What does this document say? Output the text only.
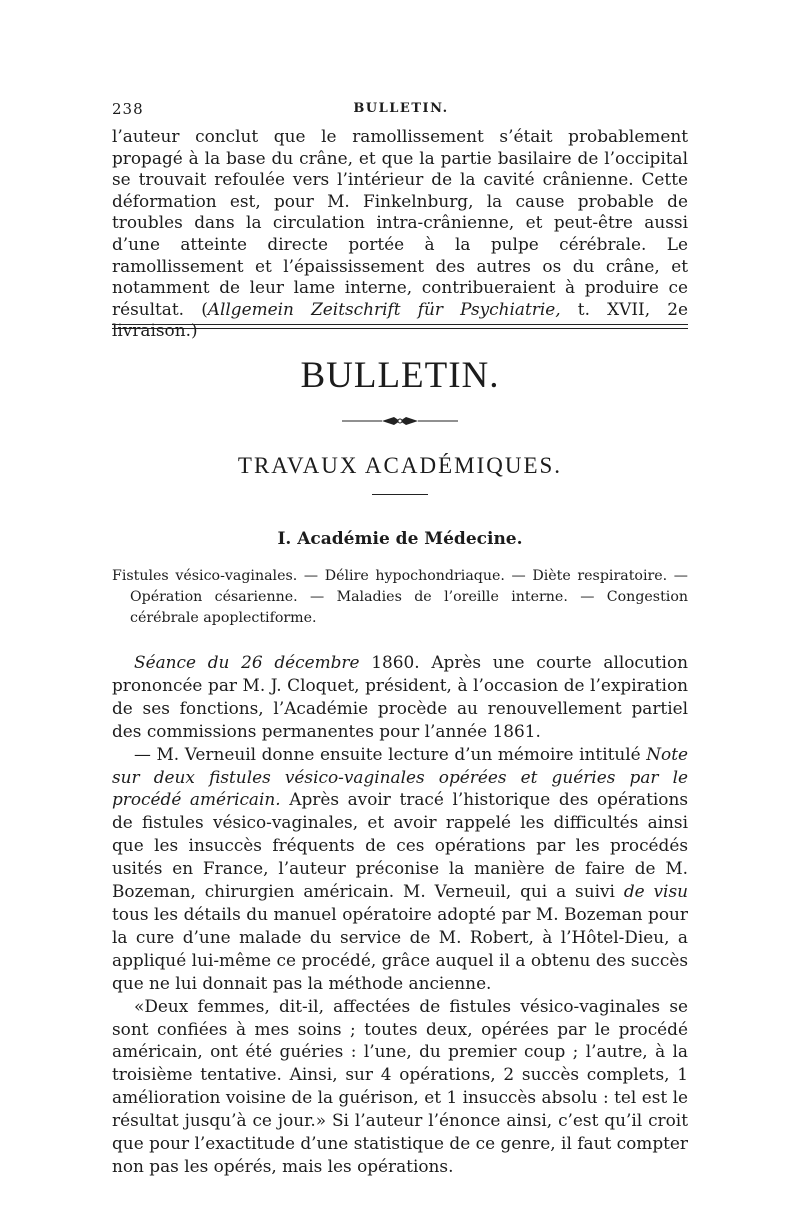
238	BULLETIN.
l’auteur conclut que le ramollissement s’était probablement propagé à la base du crâne, et que la partie basilaire de l’occipital se trouvait refoulée vers l’intérieur de la cavité crânienne. Cette déformation est, pour M. Finkelnburg, la cause probable de troubles dans la circulation intra-crânienne, et peut-être aussi d’une atteinte directe portée à la pulpe cérébrale. Le ramollissement et l’épaississement des autres os du crâne, et notamment de leur lame interne, contribueraient à produire ce résultat. (Allgemein Zeitschrift für Psychiatrie, t. XVII, 2e livraison.)
BULLETIN.
TRAVAUX ACADÉMIQUES.
I. Académie de Médecine.
Fistules vésico-vaginales. — Délire hypochondriaque. — Diète respiratoire. — Opération césarienne. — Maladies de l’oreille interne. — Congestion cérébrale apoplectiforme.

Séance du 26 décembre 1860. Après une courte allocution prononcée par M. J. Cloquet, président, à l’occasion de l’expiration de ses fonctions, l’Académie procède au renouvellement partiel des commissions permanentes pour l’année 1861.

— M. Verneuil donne ensuite lecture d’un mémoire intitulé Note sur deux fistules vésico-vaginales opérées et guéries par le procédé américain. Après avoir tracé l’historique des opérations de fistules vésico-vaginales, et avoir rappelé les difficultés ainsi que les insuccès fréquents de ces opérations par les procédés usités en France, l’auteur préconise la manière de faire de M. Bozeman, chirurgien américain. M. Verneuil, qui a suivi de visu tous les détails du manuel opératoire adopté par M. Bozeman pour la cure d’une malade du service de M. Robert, à l’Hôtel-Dieu, a appliqué lui-même ce procédé, grâce auquel il a obtenu des succès que ne lui donnait pas la méthode ancienne.

«Deux femmes, dit-il, affectées de fistules vésico-vaginales se sont confiées à mes soins ; toutes deux, opérées par le procédé américain, ont été guéries : l’une, du premier coup ; l’autre, à la troisième tentative. Ainsi, sur 4 opérations, 2 succès complets, 1 amélioration voisine de la guérison, et 1 insuccès absolu : tel est le résultat jusqu’à ce jour.» Si l’auteur l’énonce ainsi, c’est qu’il croit que pour l’exactitude d’une statistique de ce genre, il faut compter non pas les opérés, mais les opérations.
